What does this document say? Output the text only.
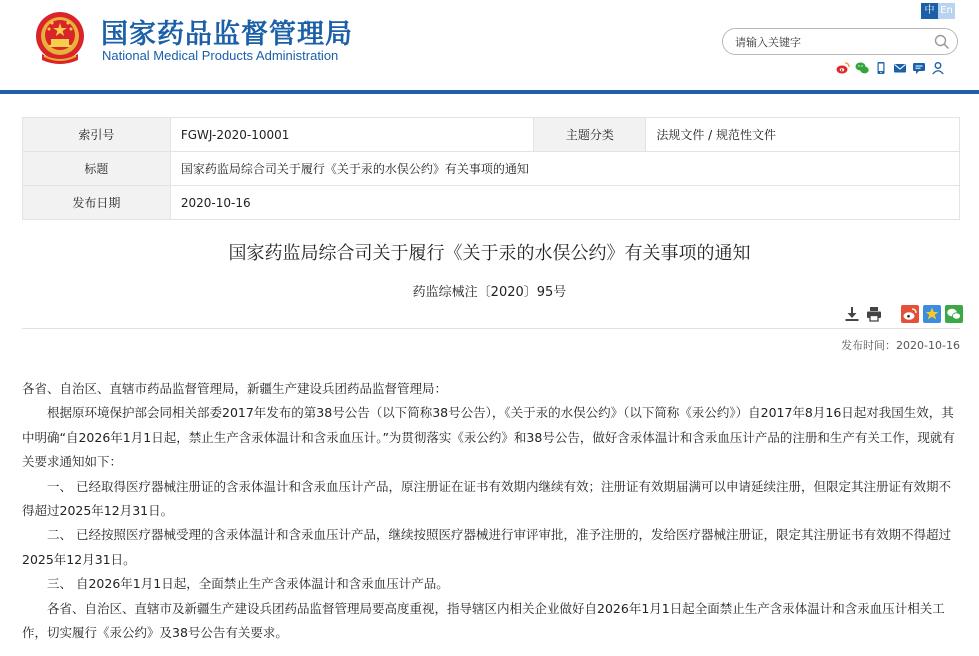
国家药品监督管理局
National Medical Products Administration
中 En
请输入关键字
索引号	FGWJ-2020-10001	主题分类	法规文件 / 规范性文件
标题	国家药监局综合司关于履行《关于汞的水俣公约》有关事项的通知		
发布日期	2020-10-16		
国家药监局综合司关于履行《关于汞的水俣公约》有关事项的通知
药监综械注〔2020〕95号
发布时间：2020-10-16

各省、自治区、直辖市药品监督管理局，新疆生产建设兵团药品监督管理局：

根据原环境保护部会同相关部委2017年发布的第38号公告（以下简称38号公告），《关于汞的水俣公约》（以下简称《汞公约》）自2017年8月16日起对我国生效，其中明确“自2026年1月1日起，禁止生产含汞体温计和含汞血压计。”为贯彻落实《汞公约》和38号公告，做好含汞体温计和含汞血压计产品的注册和生产有关工作，现就有关要求通知如下：

一、 已经取得医疗器械注册证的含汞体温计和含汞血压计产品，原注册证在证书有效期内继续有效；注册证有效期届满可以申请延续注册，但限定其注册证有效期不得超过2025年12月31日。

二、 已经按照医疗器械受理的含汞体温计和含汞血压计产品，继续按照医疗器械进行审评审批，准予注册的，发给医疗器械注册证，限定其注册证书有效期不得超过2025年12月31日。

三、 自2026年1月1日起，全面禁止生产含汞体温计和含汞血压计产品。

各省、自治区、直辖市及新疆生产建设兵团药品监督管理局要高度重视，指导辖区内相关企业做好自2026年1月1日起全面禁止生产含汞体温计和含汞血压计相关工作，切实履行《汞公约》及38号公告有关要求。
